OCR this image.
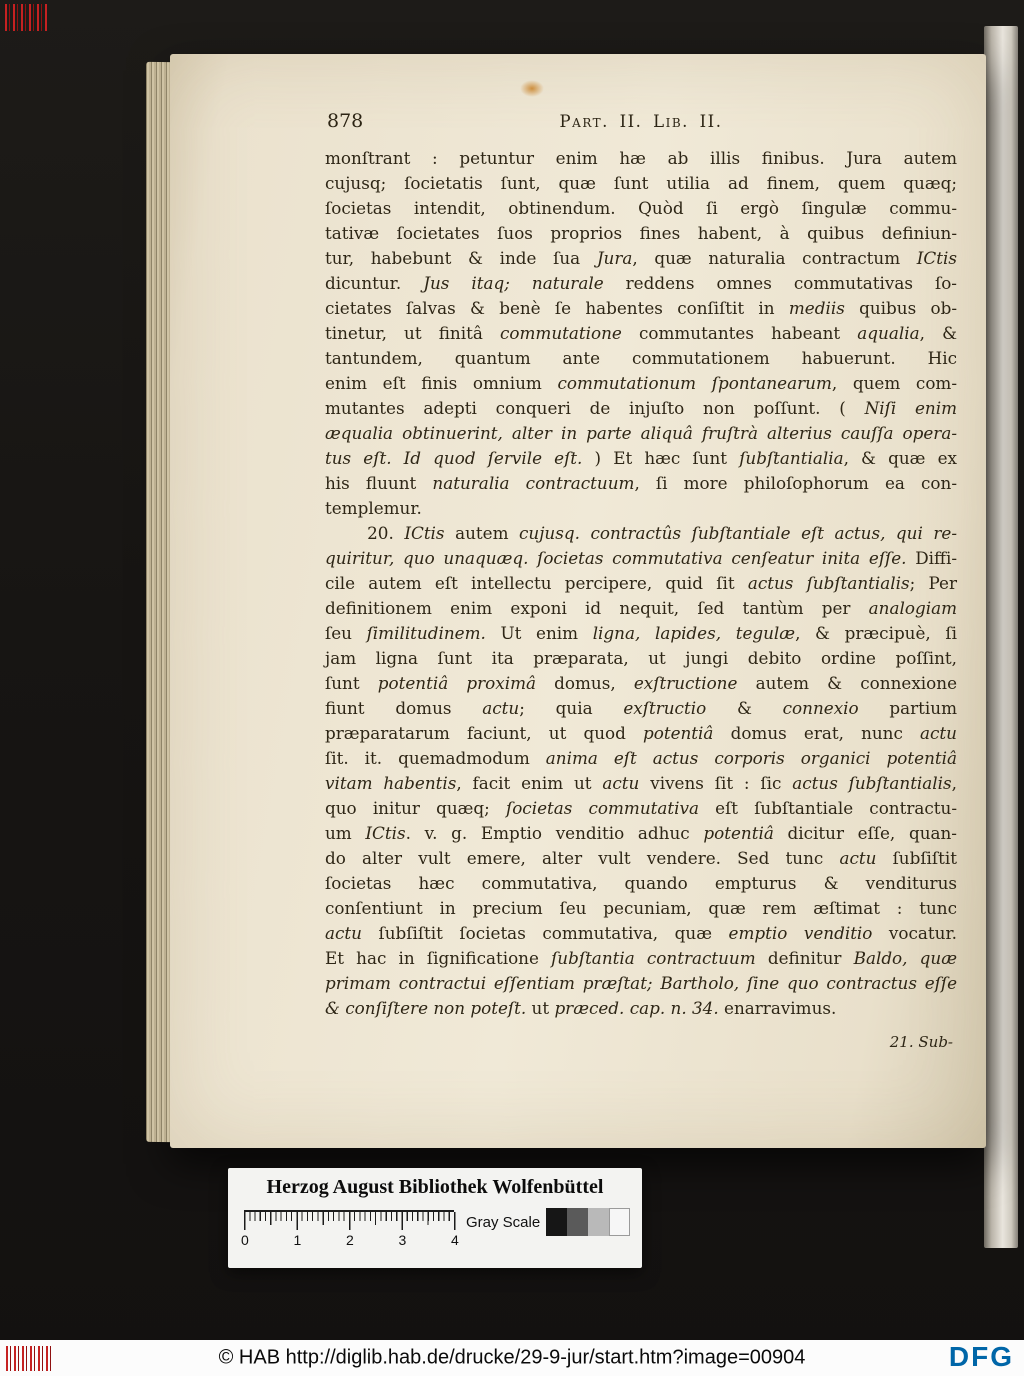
878	Part. II. Lib. II.
monſtrant : petuntur enim hæ ab illis finibus. Jura autem
cujusq; ſocietatis ſunt, quæ ſunt utilia ad finem, quem quæq;
ſocietas intendit, obtinendum. Quòd ſi ergò ſingulæ commu-
tativæ ſocietates ſuos proprios fines habent, à quibus definiun-
tur, habebunt & inde ſua Jura, quæ naturalia contractum ICtis
dicuntur. Jus itaq; naturale reddens omnes commutativas ſo-
cietates ſalvas & benè ſe habentes conſiſtit in mediis quibus ob-
tinetur, ut finitâ commutatione commutantes habeant aqualia, &
tantundem, quantum ante commutationem habuerunt. Hic
enim eſt finis omnium commutationum ſpontanearum, quem com-
mutantes adepti conqueri de injuſto non poſſunt. ( Niſi enim
æqualia obtinuerint, alter in parte aliquâ fruſtrà alterius cauſſa opera-
tus eſt. Id quod ſervile eſt. ) Et hæc ſunt ſubſtantialia, & quæ ex
his fluunt naturalia contractuum, ſi more philoſophorum ea con-
templemur.
20. ICtis autem cujusq. contractûs ſubſtantiale eſt actus, qui re-
quiritur, quo unaquæq. ſocietas commutativa cenſeatur inita eſſe. Diffi-
cile autem eſt intellectu percipere, quid ſit actus ſubſtantialis; Per
definitionem enim exponi id nequit, ſed tantùm per analogiam
ſeu ſimilitudinem. Ut enim ligna, lapides, tegulæ, & præcipuè, ſi
jam ligna ſunt ita præparata, ut jungi debito ordine poſſint,
ſunt potentiâ proximâ domus, exſtructione autem & connexione
fiunt domus actu; quia exſtructio & connexio partium
præparatarum faciunt, ut quod potentiâ domus erat, nunc actu
ſit. it. quemadmodum anima eſt actus corporis organici potentiâ
vitam habentis, facit enim ut actu vivens ſit : ſic actus ſubſtantialis,
quo initur quæq; ſocietas commutativa eſt ſubſtantiale contractu-
um ICtis. v. g. Emptio venditio adhuc potentiâ dicitur eſſe, quan-
do alter vult emere, alter vult vendere. Sed tunc actu ſubſiſtit
ſocietas hæc commutativa, quando empturus & venditurus
conſentiunt in precium ſeu pecuniam, quæ rem æſtimat : tunc
actu ſubſiſtit ſocietas commutativa, quæ emptio venditio vocatur.
Et hac in ſignificatione ſubſtantia contractuum definitur Baldo, quæ
primam contractui eſſentiam præſtat; Bartholo, ſine quo contractus eſſe
& conſiſtere non poteſt. ut præced. cap. n. 34. enarravimus.
21. Sub-
Herzog August Bibliothek Wolfenbüttel
0	1	2	3	4
Gray Scale
© HAB http://diglib.hab.de/drucke/29-9-jur/start.htm?image=00904	DFG
